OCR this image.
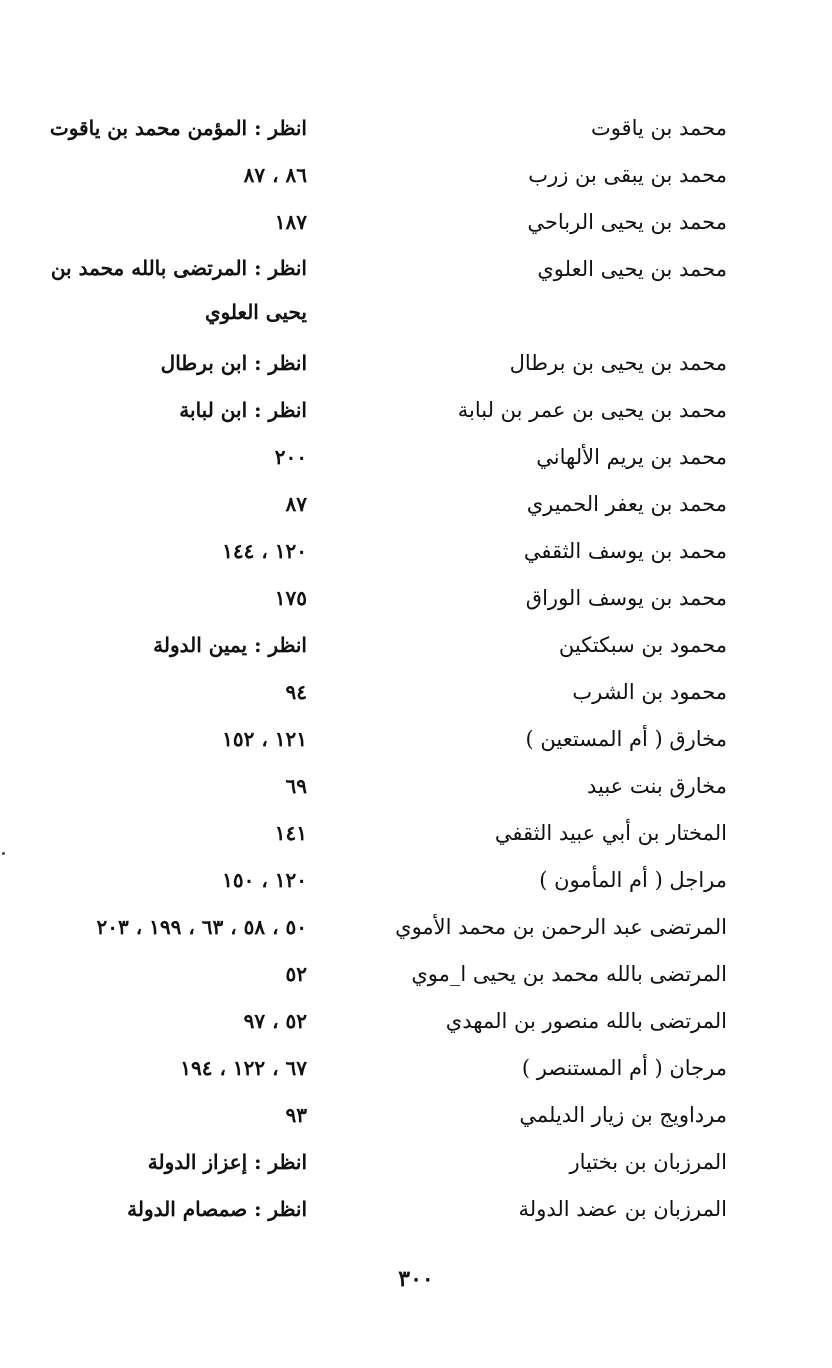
محمد بن ياقوت
انظر : المؤمن محمد بن ياقوت
محمد بن يبقى بن زرب
٨٦ ، ٨٧
محمد بن يحيى الرباحي
١٨٧
محمد بن يحيى العلوي
انظر : المرتضى بالله محمد بن يحيى العلوي
محمد بن يحيى بن برطال
انظر : ابن برطال
محمد بن يحيى بن عمر بن لبابة
انظر : ابن لبابة
محمد بن يريم الألهاني
٢٠٠
محمد بن يعفر الحميري
٨٧
محمد بن يوسف الثقفي
١٢٠ ، ١٤٤
محمد بن يوسف الوراق
١٧٥
محمود بن سبكتكين
انظر : يمين الدولة
محمود بن الشرب
٩٤
مخارق ( أم المستعين )
١٢١ ، ١٥٢
مخارق بنت عبيد
٦٩
المختار بن أبي عبيد الثقفي
١٤١
مراجل ( أم المأمون )
١٢٠ ، ١٥٠
المرتضى عبد الرحمن بن محمد الأموي
٥٠ ، ٥٨ ، ٦٣ ، ١٩٩ ، ٢٠٣
المرتضى بالله محمد بن يحيى ا_موي
٥٢
المرتضى بالله منصور بن المهدي
٥٢ ، ٩٧
مرجان ( أم المستنصر )
٦٧ ، ١٢٢ ، ١٩٤
مرداويج بن زيار الديلمي
٩٣
المرزبان بن بختيار
انظر : إعزاز الدولة
المرزبان بن عضد الدولة
انظر : صمصام الدولة
٣٠٠
